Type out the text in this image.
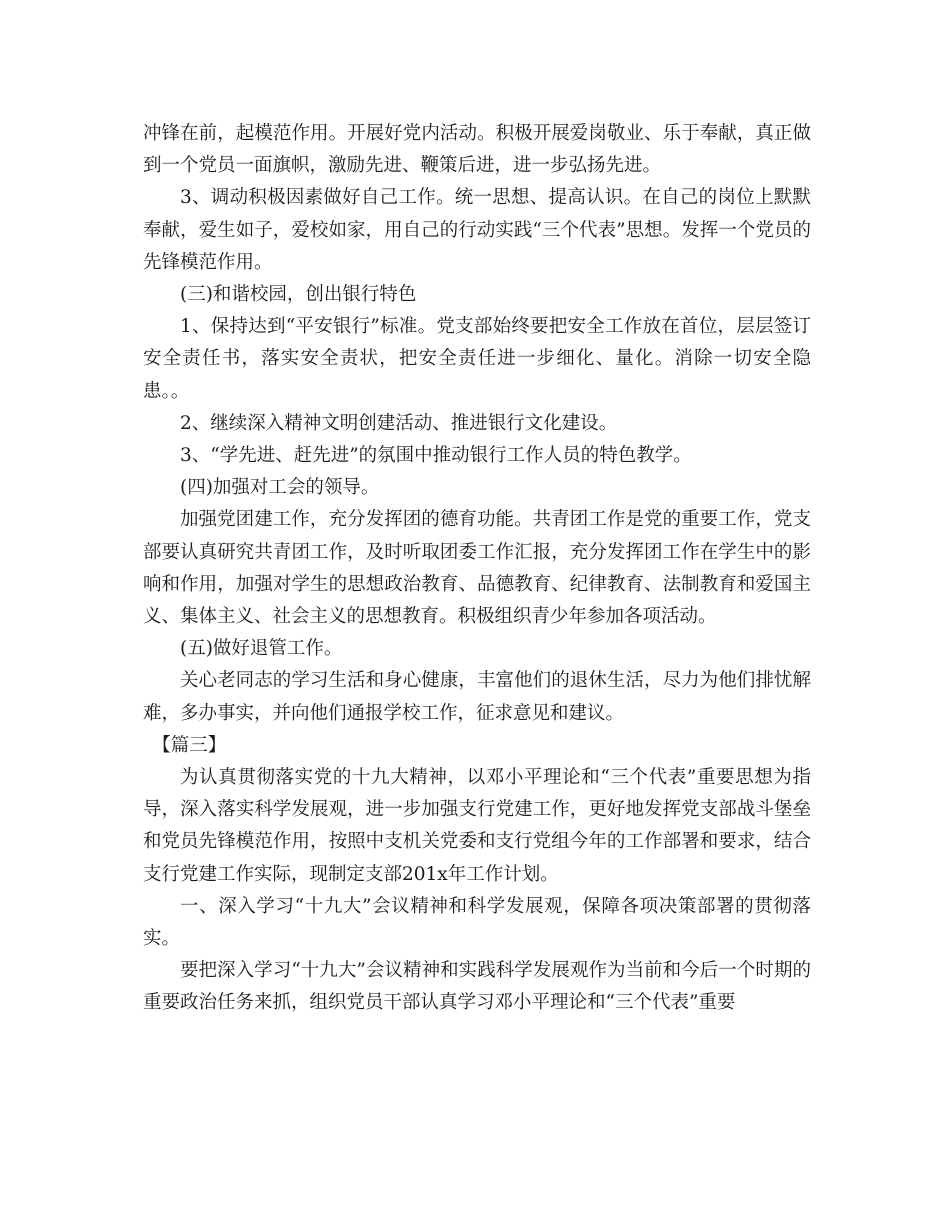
冲锋在前，起模范作用。开展好党内活动。积极开展爱岗敬业、乐于奉献，真正做到一个党员一面旗帜，激励先进、鞭策后进，进一步弘扬先进。

3、调动积极因素做好自己工作。统一思想、提高认识。在自己的岗位上默默奉献，爱生如子，爱校如家，用自己的行动实践“三个代表”思想。发挥一个党员的先锋模范作用。

(三)和谐校园，创出银行特色

1、保持达到“平安银行”标准。党支部始终要把安全工作放在首位，层层签订安全责任书，落实安全责状，把安全责任进一步细化、量化。消除一切安全隐患。。

2、继续深入精神文明创建活动、推进银行文化建设。

3、“学先进、赶先进”的氛围中推动银行工作人员的特色教学。

(四)加强对工会的领导。

加强党团建工作，充分发挥团的德育功能。共青团工作是党的重要工作，党支部要认真研究共青团工作，及时听取团委工作汇报，充分发挥团工作在学生中的影响和作用，加强对学生的思想政治教育、品德教育、纪律教育、法制教育和爱国主义、集体主义、社会主义的思想教育。积极组织青少年参加各项活动。

(五)做好退管工作。

关心老同志的学习生活和身心健康，丰富他们的退休生活，尽力为他们排忧解难，多办事实，并向他们通报学校工作，征求意见和建议。

【篇三】

为认真贯彻落实党的十九大精神，以邓小平理论和“三个代表”重要思想为指导，深入落实科学发展观，进一步加强支行党建工作，更好地发挥党支部战斗堡垒和党员先锋模范作用，按照中支机关党委和支行党组今年的工作部署和要求，结合支行党建工作实际，现制定支部201x年工作计划。

一、深入学习“十九大”会议精神和科学发展观，保障各项决策部署的贯彻落实。

要把深入学习“十九大”会议精神和实践科学发展观作为当前和今后一个时期的重要政治任务来抓，组织党员干部认真学习邓小平理论和“三个代表”重要
